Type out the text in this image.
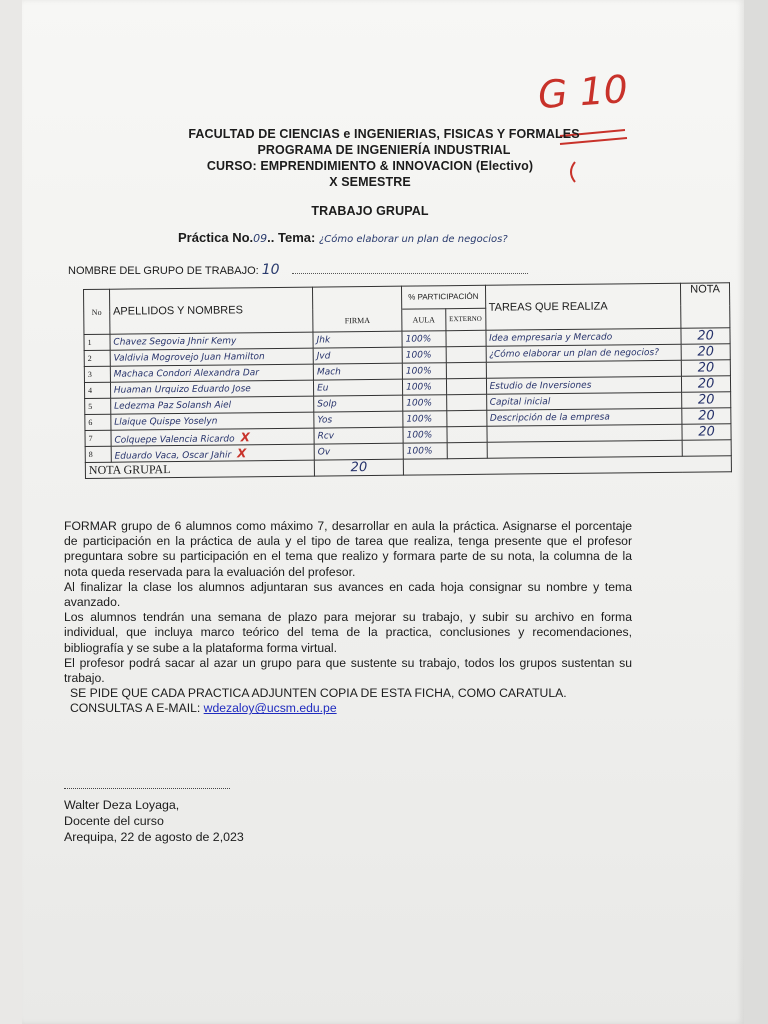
G 10
FACULTAD DE CIENCIAS e INGENIERIAS, FISICAS Y FORMALES
PROGRAMA DE INGENIERÍA INDUSTRIAL
CURSO: EMPRENDIMIENTO & INNOVACION (Electivo)
X SEMESTRE
TRABAJO GRUPAL
Práctica No.09.. Tema: ¿Cómo elaborar un plan de negocios?
NOMBRE DEL GRUPO DE TRABAJO: 10
No	APELLIDOS Y NOMBRES		% PARTICIPACIÓN		TAREAS QUE REALIZA	NOTA
		FIRMA	AULA	EXTERNO		
1	Chavez Segovia Jhnir Kemy	Jhk	100%		Idea empresaria y Mercado	20
2	Valdivia Mogrovejo Juan Hamilton	Jvd	100%		¿Cómo elaborar un plan de negocios?	20
3	Machaca Condori Alexandra Dar	Mach	100%			20
4	Huaman Urquizo Eduardo Jose	Eu	100%		Estudio de Inversiones	20
5	Ledezma Paz Solansh Aiel	Solp	100%		Capital inicial	20
6	Llaique Quispe Yoselyn	Yos	100%		Descripción de la empresa	20
7	Colquepe Valencia Ricardo X	Rcv	100%			20
8	Eduardo Vaca, Oscar Jahir X	Ov	100%			
NOTA GRUPAL		20				

FORMAR grupo de 6 alumnos como máximo 7, desarrollar en aula la práctica. Asignarse el porcentaje de participación en la práctica de aula y el tipo de tarea que realiza, tenga presente que el profesor preguntara sobre su participación en el tema que realizo y formara parte de su nota, la columna de la nota queda reservada para la evaluación del profesor.

Al finalizar la clase los alumnos adjuntaran sus avances en cada hoja consignar su nombre y tema avanzado.

Los alumnos tendrán una semana de plazo para mejorar su trabajo, y subir su archivo en forma individual, que incluya marco teórico del tema de la practica, conclusiones y recomendaciones, bibliografía y se sube a la plataforma forma virtual.

El profesor podrá sacar al azar un grupo para que sustente su trabajo, todos los grupos sustentan su trabajo.

SE PIDE QUE CADA PRACTICA ADJUNTEN COPIA DE ESTA FICHA, COMO CARATULA.

CONSULTAS A E-MAIL: wdezaloy@ucsm.edu.pe

Walter Deza Loyaga,
Docente del curso
Arequipa, 22 de agosto de 2,023
